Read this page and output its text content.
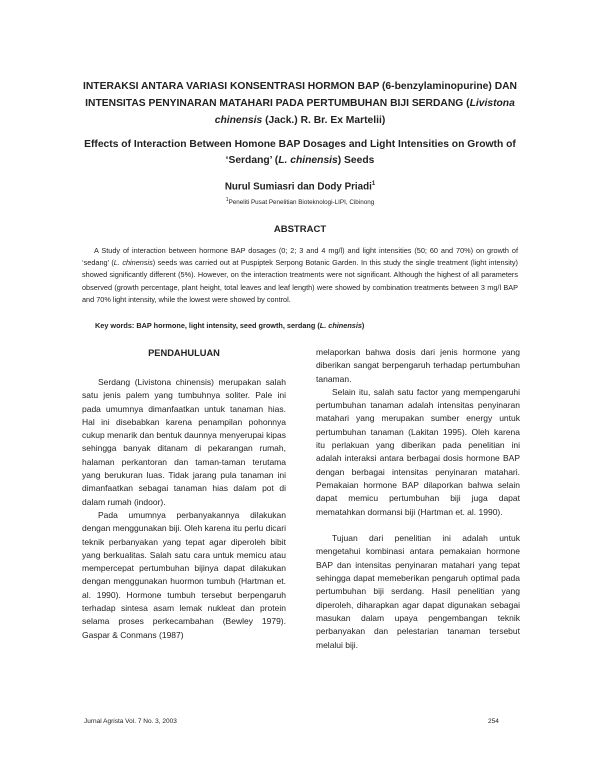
INTERAKSI ANTARA VARIASI KONSENTRASI HORMON BAP (6-benzylaminopurine) DAN
INTENSITAS PENYINARAN MATAHARI PADA PERTUMBUHAN BIJI SERDANG (Livistona
chinensis (Jack.) R. Br. Ex Martelii)
Effects of Interaction Between Homone BAP Dosages and Light Intensities on Growth of
‘Serdang’ (L. chinensis) Seeds
Nurul Sumiasri dan Dody Priadi$^1$
$^1$Peneliti Pusat Penelitian Bioteknologi-LIPI, Cibinong
ABSTRACT
A Study of interaction between hormone BAP dosages (0; 2; 3 and 4 mg/l) and light intensities (50; 60 and 70%) on growth of ‘sedang’ (L. chinensis) seeds was carried out at Puspiptek Serpong Botanic Garden. In this study the single treatment (light intensity) showed significantly different (5%). However, on the interaction treatments were not significant. Although the highest of all parameters observed (growth percentage, plant height, total leaves and leaf length) were showed by combination treatments between 3 mg/l BAP and 70% light intensity, while the lowest were showed by control.
Key words: BAP hormone, light intensity, seed growth, serdang (L. chinensis)
PENDAHULUAN

Serdang (Livistona chinensis) merupakan salah satu jenis palem yang tumbuhnya soliter. Pale ini pada umumnya dimanfaatkan untuk tanaman hias. Hal ini disebabkan karena penampilan pohonnya cukup menarik dan bentuk daunnya menyerupai kipas sehingga banyak ditanam di pekarangan rumah, halaman perkantoran dan taman-taman terutama yang berukuran luas. Tidak jarang pula tanaman ini dimanfaatkan sebagai tanaman hias dalam pot di dalam rumah (indoor).

Pada umumnya perbanyakannya dilakukan dengan menggunakan biji. Oleh karena itu perlu dicari teknik perbanyakan yang tepat agar diperoleh bibit yang berkualitas. Salah satu cara untuk memicu atau mempercepat pertumbuhan bijinya dapat dilakukan dengan menggunakan huormon tumbuh (Hartman et. al. 1990). Hormone tumbuh tersebut berpengaruh terhadap sintesa asam lemak nukleat dan protein selama proses perkecambahan (Bewley 1979). Gaspar & Conmans (1987)

melaporkan bahwa dosis dari jenis hormone yang diberikan sangat berpengaruh terhadap pertumbuhan tanaman.

Selain itu, salah satu factor yang mempengaruhi pertumbuhan tanaman adalah intensitas penyinaran matahari yang merupakan sumber energy untuk pertumbuhan tanaman (Lakitan 1995). Oleh karena itu perlakuan yang diberikan pada penelitian ini adalah interaksi antara berbagai dosis hormone BAP dengan berbagai intensitas penyinaran matahari. Pemakaian hormone BAP dilaporkan bahwa selain dapat memicu pertumbuhan biji juga dapat mematahkan dormansi biji (Hartman et. al. 1990).

Tujuan dari penelitian ini adalah untuk mengetahui kombinasi antara pemakaian hormone BAP dan intensitas penyinaran matahari yang tepat sehingga dapat memeberikan pengaruh optimal pada pertumbuhan biji serdang. Hasil penelitian yang diperoleh, diharapkan agar dapat digunakan sebagai masukan dalam upaya pengembangan teknik perbanyakan dan pelestarian tanaman tersebut melalui biji.

Jurnal Agrista Vol. 7 No. 3, 2003	254
